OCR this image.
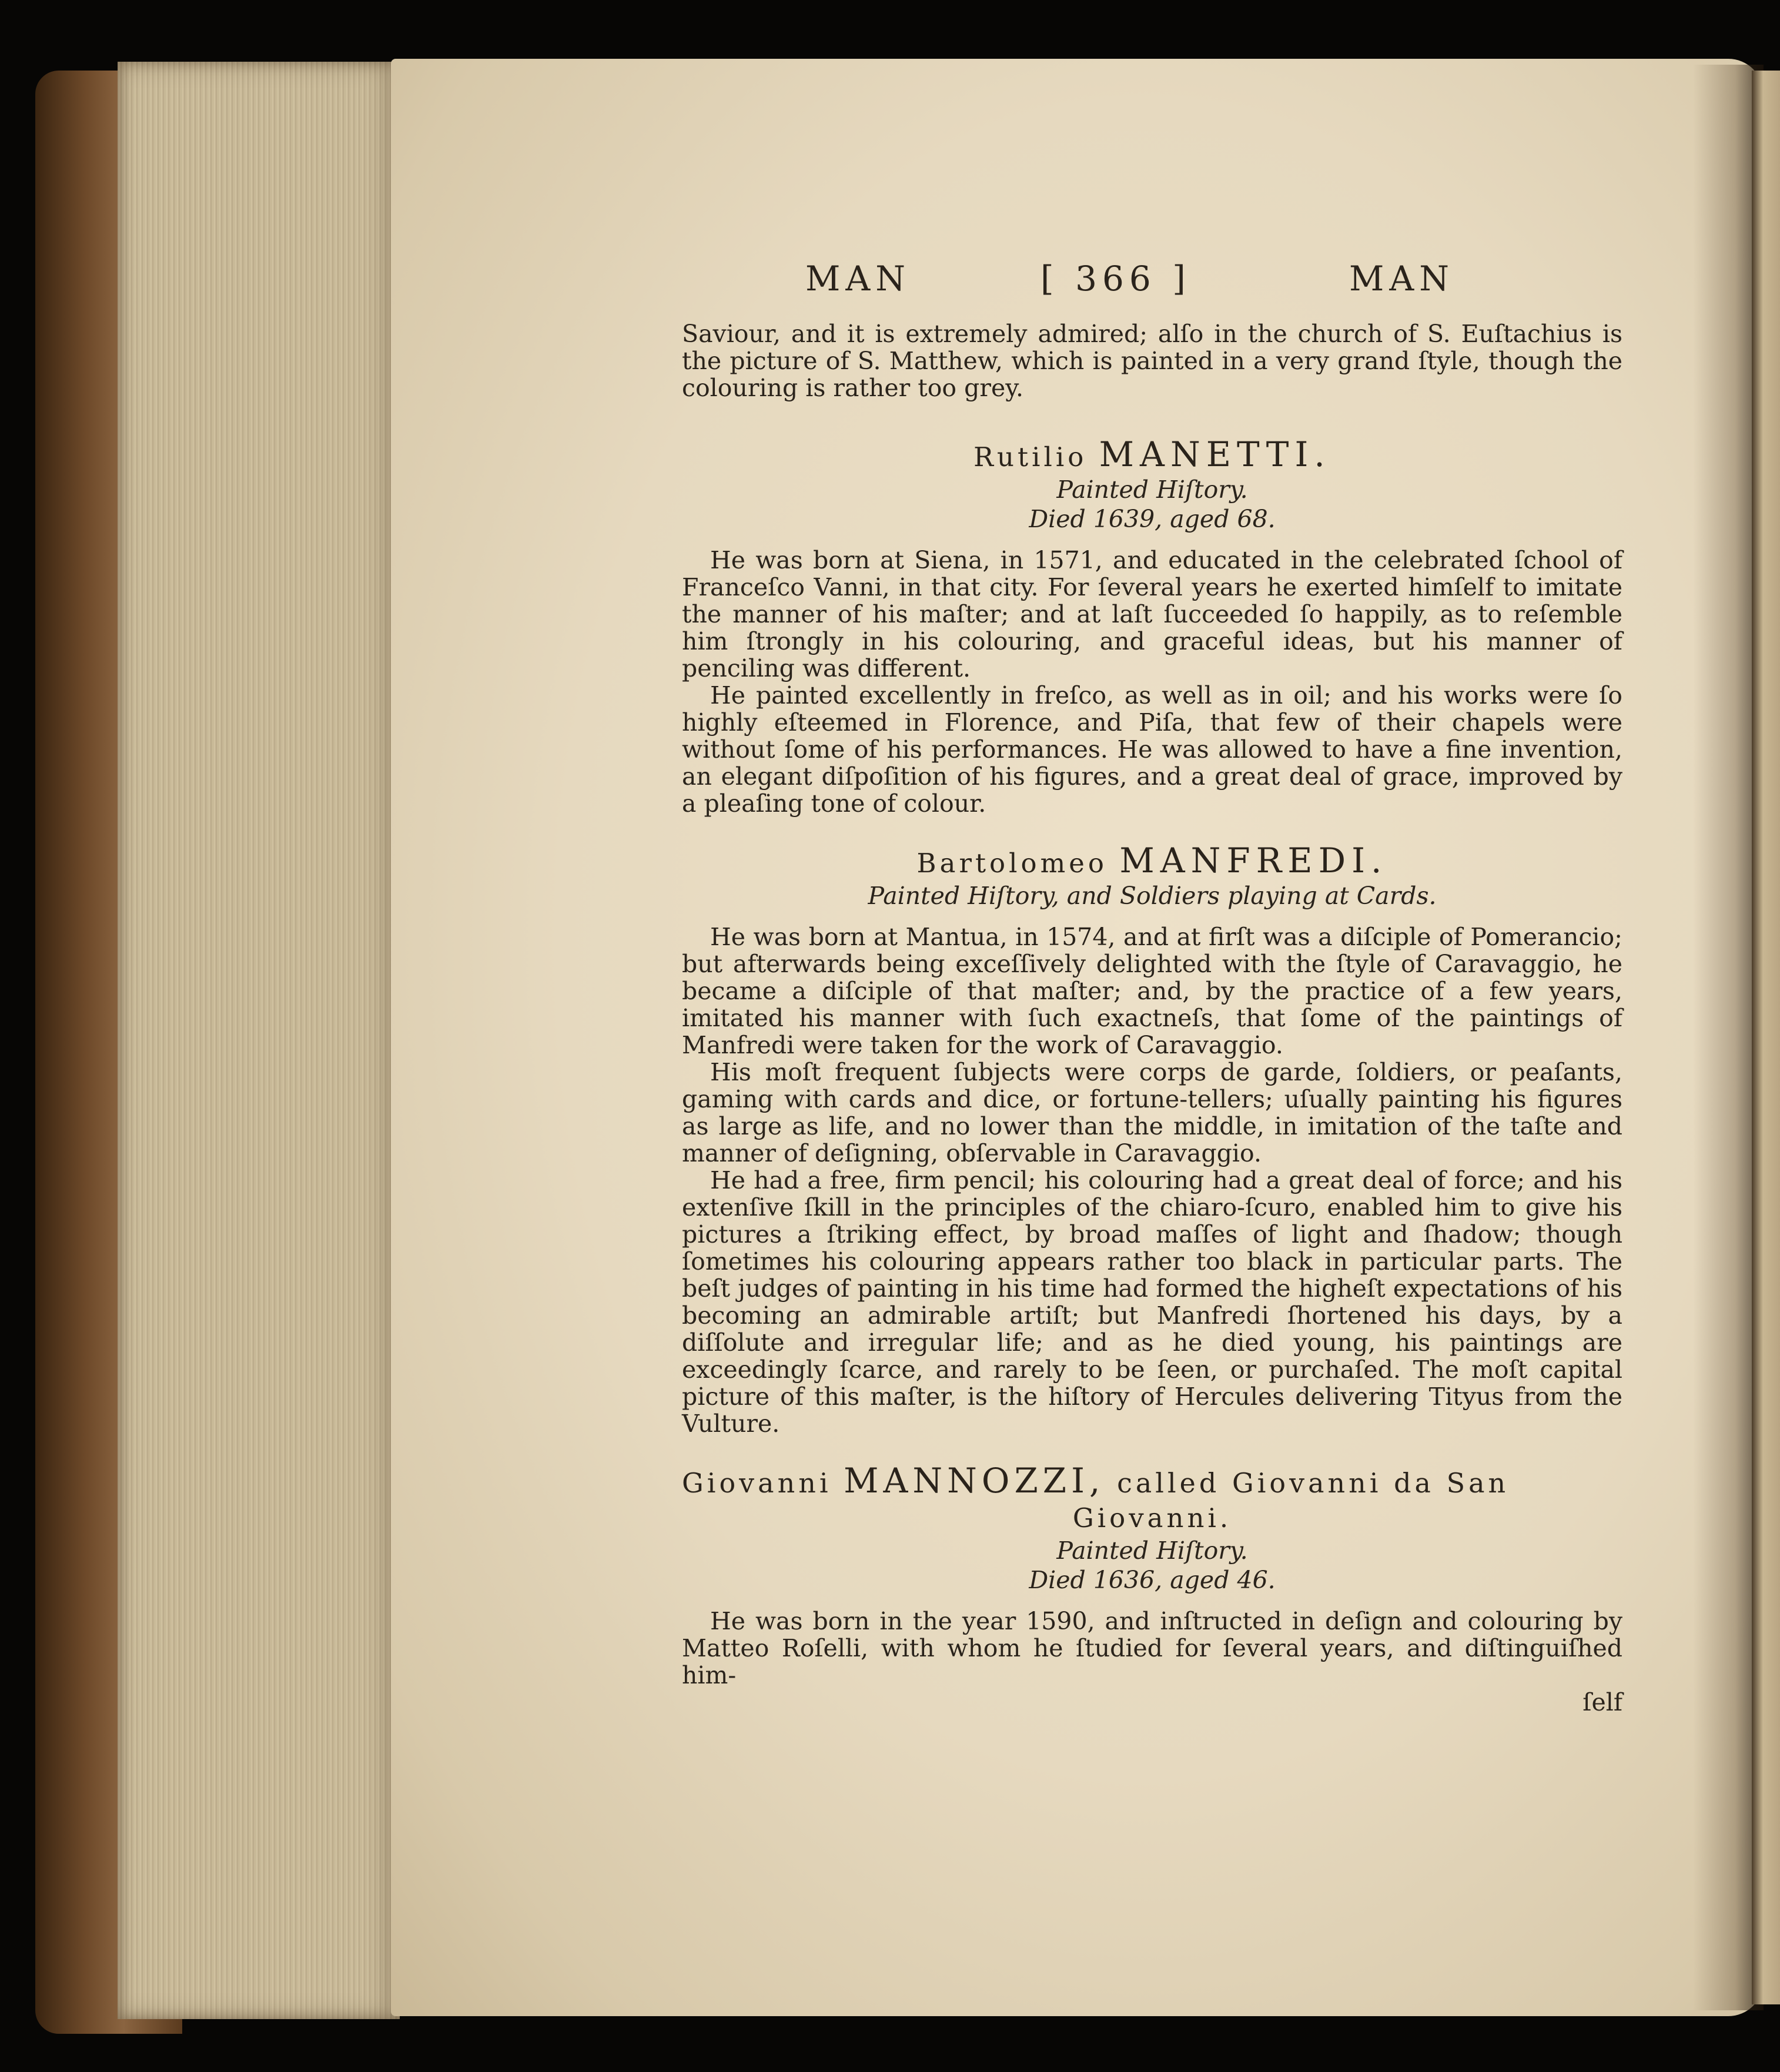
MAN	[ 366 ]	MAN

Saviour, and it is extremely admired; alſo in the church of S. Euſtachius is the picture of S. Matthew, which is painted in a very grand ſtyle, though the colouring is rather too grey.

Rutilio MANETTI.

Painted Hiſtory.

Died 1639, aged 68.

He was born at Siena, in 1571, and educated in the celebrated ſchool of Franceſco Vanni, in that city. For ſeveral years he exerted himſelf to imitate the manner of his maſter; and at laſt ſucceeded ſo happily, as to reſemble him ſtrongly in his colouring, and graceful ideas, but his manner of penciling was different.

He painted excellently in freſco, as well as in oil; and his works were ſo highly eſteemed in Florence, and Piſa, that few of their chapels were without ſome of his performances. He was allowed to have a fine invention, an elegant diſpoſition of his figures, and a great deal of grace, improved by a pleaſing tone of colour.

Bartolomeo MANFREDI.

Painted Hiſtory, and Soldiers playing at Cards.

He was born at Mantua, in 1574, and at firſt was a diſciple of Pomerancio; but afterwards being exceſſively delighted with the ſtyle of Caravaggio, he became a diſciple of that maſter; and, by the practice of a few years, imitated his manner with ſuch exactneſs, that ſome of the paintings of Manfredi were taken for the work of Caravaggio.

His moſt frequent ſubjects were corps de garde, ſoldiers, or peaſants, gaming with cards and dice, or fortune-tellers; uſually painting his figures as large as life, and no lower than the middle, in imitation of the taſte and manner of deſigning, obſervable in Caravaggio.

He had a free, firm pencil; his colouring had a great deal of force; and his extenſive ſkill in the principles of the chiaro-ſcuro, enabled him to give his pictures a ſtriking effect, by broad maſſes of light and ſhadow; though ſometimes his colouring appears rather too black in particular parts. The beſt judges of painting in his time had formed the higheſt expectations of his becoming an admirable artiſt; but Manfredi ſhortened his days, by a diſſolute and irregular life; and as he died young, his paintings are exceedingly ſcarce, and rarely to be ſeen, or purchaſed. The moſt capital picture of this maſter, is the hiſtory of Hercules delivering Tityus from the Vulture.

Giovanni MANNOZZI, called Giovanni da San

Giovanni.

Painted Hiſtory.

Died 1636, aged 46.

He was born in the year 1590, and inſtructed in deſign and colouring by Matteo Roſelli, with whom he ſtudied for ſeveral years, and diſtinguiſhed him-

ſelf
